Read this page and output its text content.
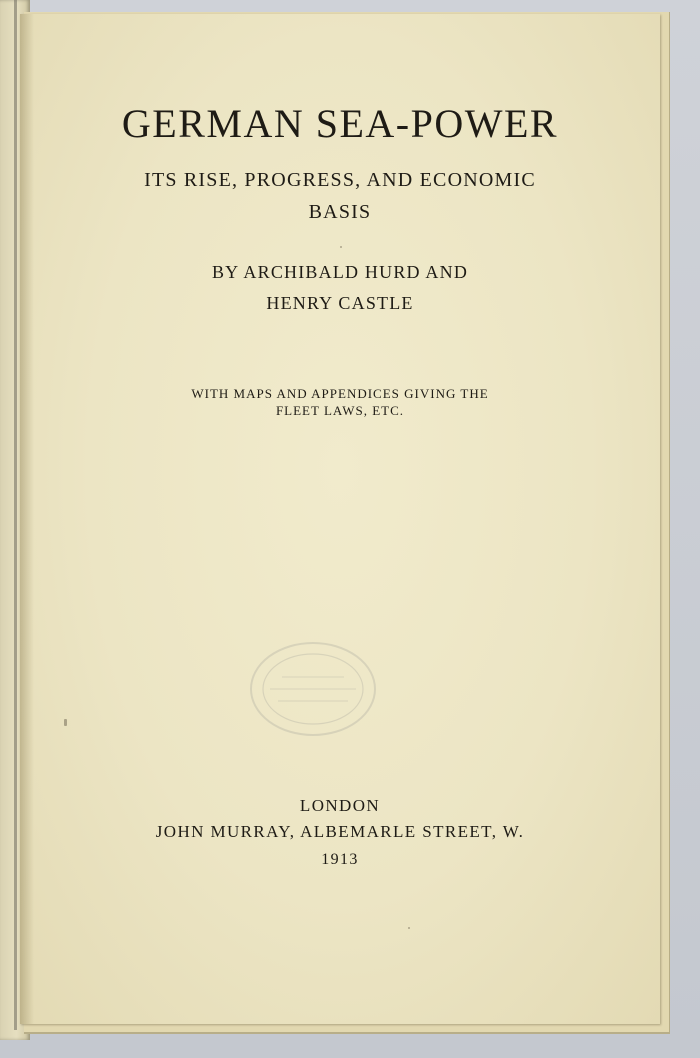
GERMAN SEA-POWER
ITS RISE, PROGRESS, AND ECONOMIC
BASIS
BY ARCHIBALD HURD AND
HENRY CASTLE
WITH MAPS AND APPENDICES GIVING THE
FLEET LAWS, ETC.
LONDON
JOHN MURRAY, ALBEMARLE STREET, W.
1913
